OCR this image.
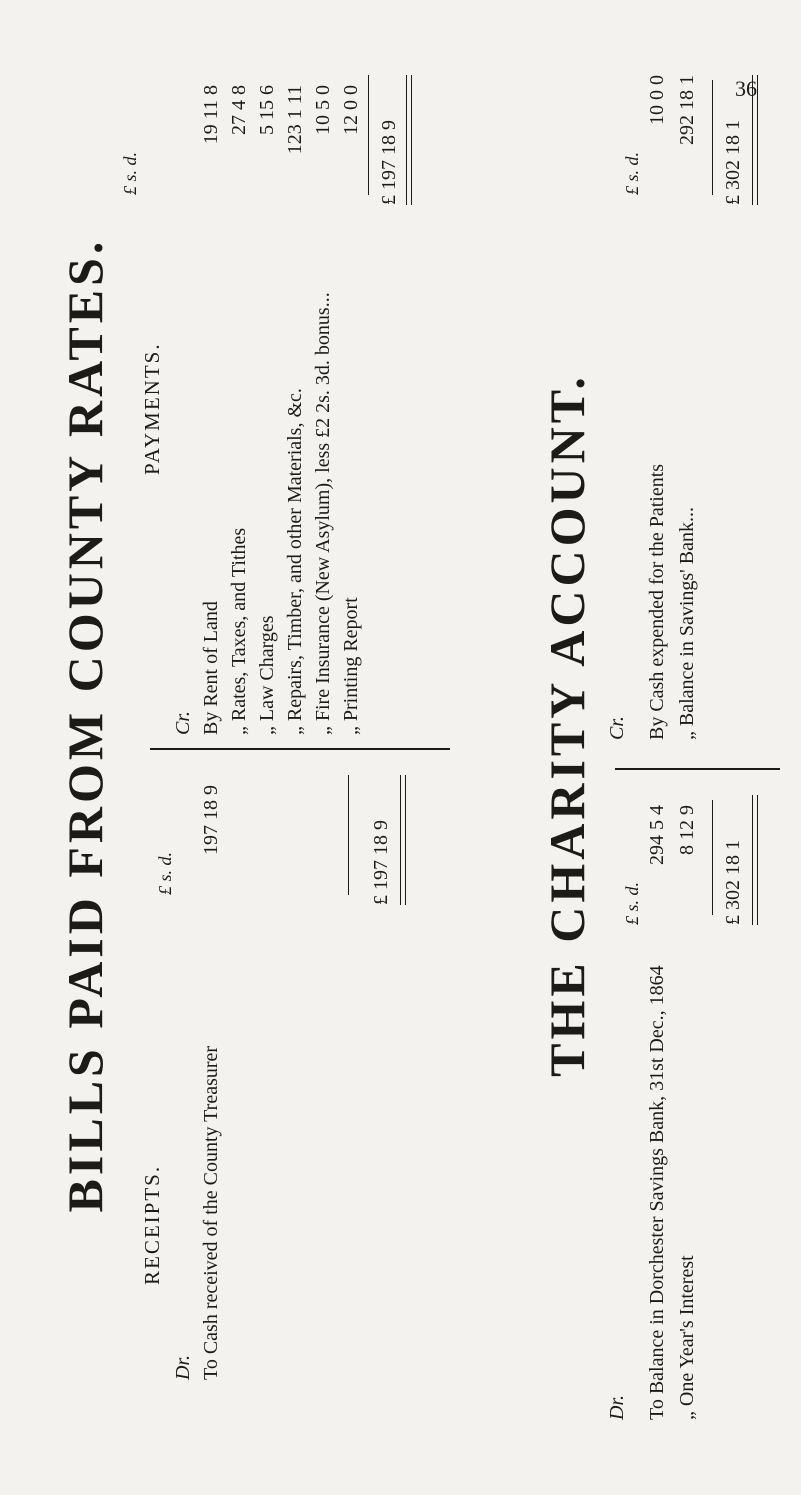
36
BILLS PAID FROM COUNTY RATES.
RECEIPTS.
Dr.
£ s. d.
To Cash received of the County Treasurer
197 18 9	£ 197 18 9
PAYMENTS.
Cr.
£ s. d.
By Rent of Land
19 11 8
„ Rates, Taxes, and Tithes
27 4 8
„ Law Charges
5 15 6
„ Repairs, Timber, and other Materials, &c.
123 1 11
„ Fire Insurance (New Asylum), less £2 2s. 3d. bonus...
10 5 0
„ Printing Report
12 0 0
£ 197 18 9
THE CHARITY ACCOUNT.
Dr.
£ s. d.
To Balance in Dorchester Savings Bank, 31st Dec., 1864
294 5 4
„ One Year's Interest
8 12 9
£ 302 18 1
Cr.
£ s. d.
By Cash expended for the Patients
10 0 0
„ Balance in Savings' Bank...
292 18 1
£ 302 18 1
